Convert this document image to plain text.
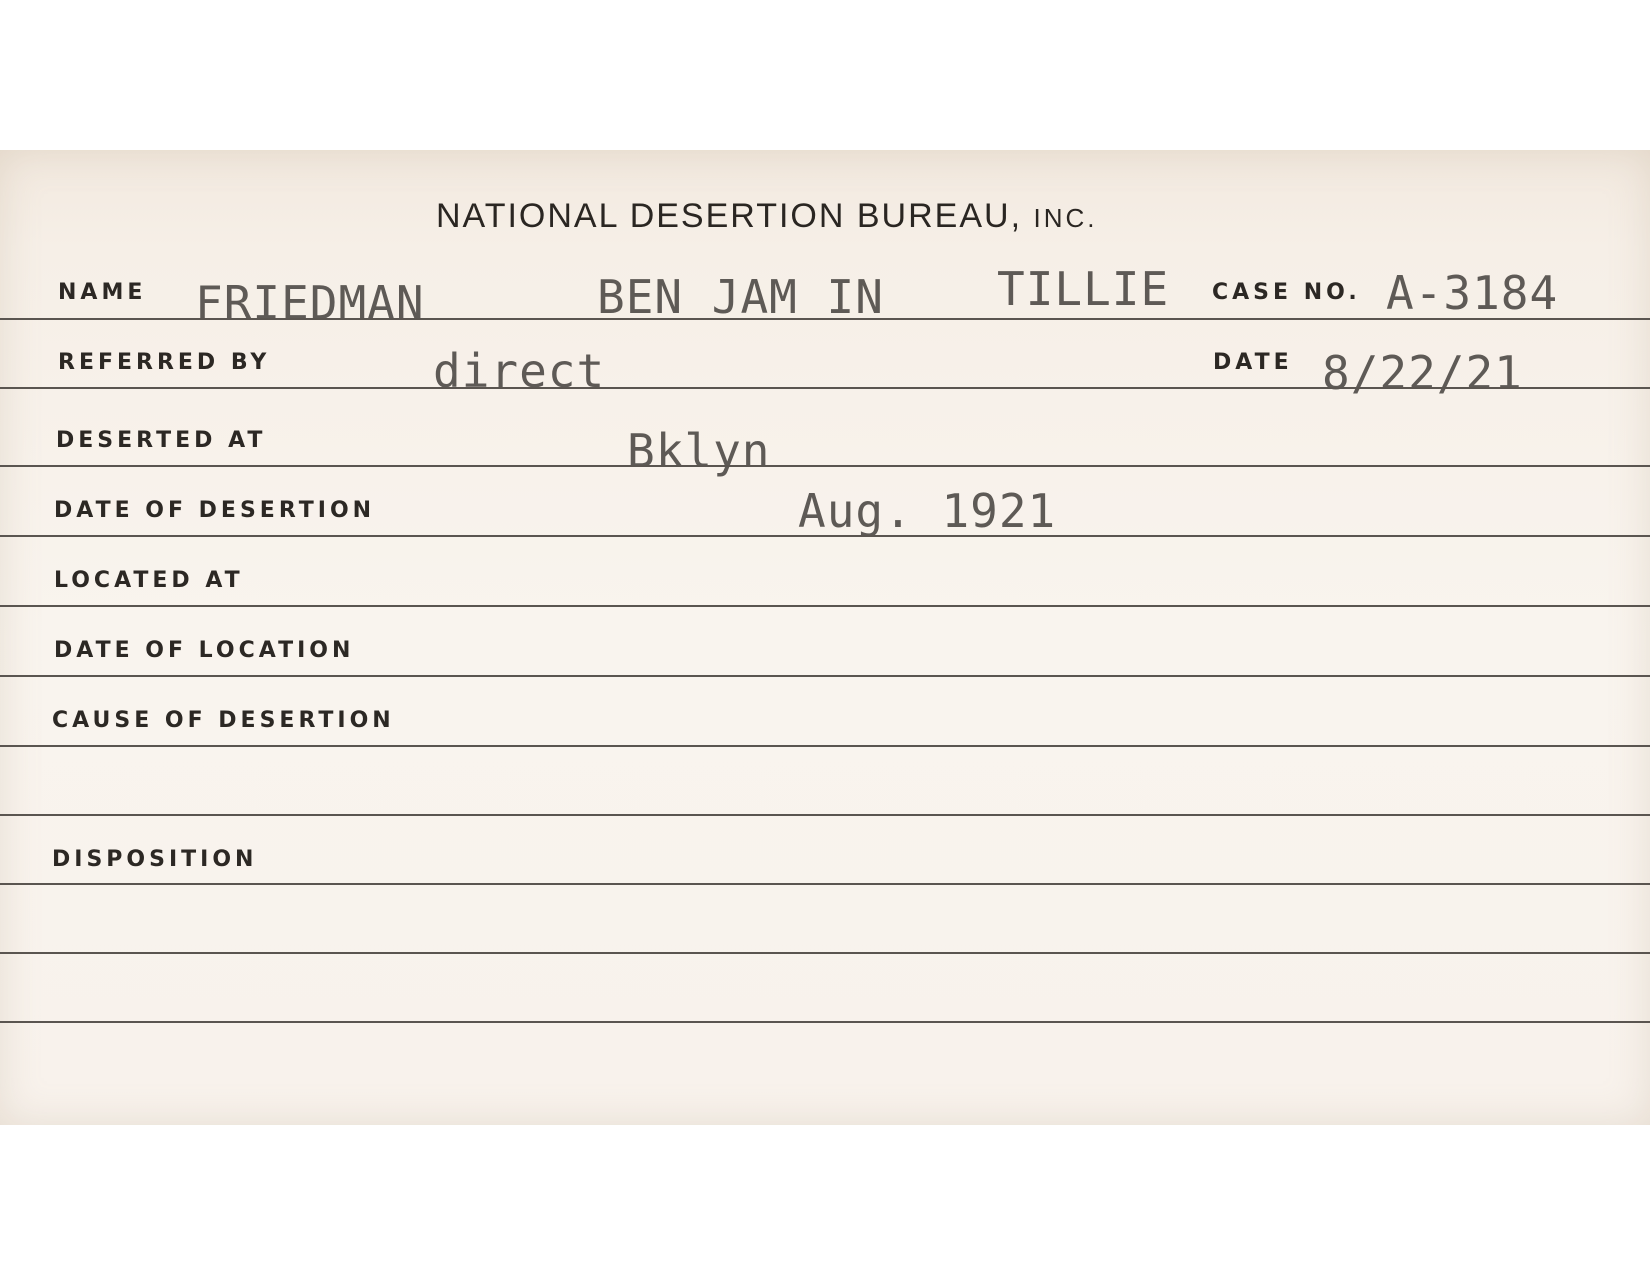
NATIONAL DESERTION BUREAU, INC.
NAME FRIEDMAN	BEN JAM IN TILLIE CASE NO. A-3184
REFERRED BY	direct	DATE 8/22/21
DESERTED AT	Bklyn
DATE OF DESERTION	Aug. 1921
LOCATED AT
DATE OF LOCATION
CAUSE OF DESERTION
DISPOSITION
